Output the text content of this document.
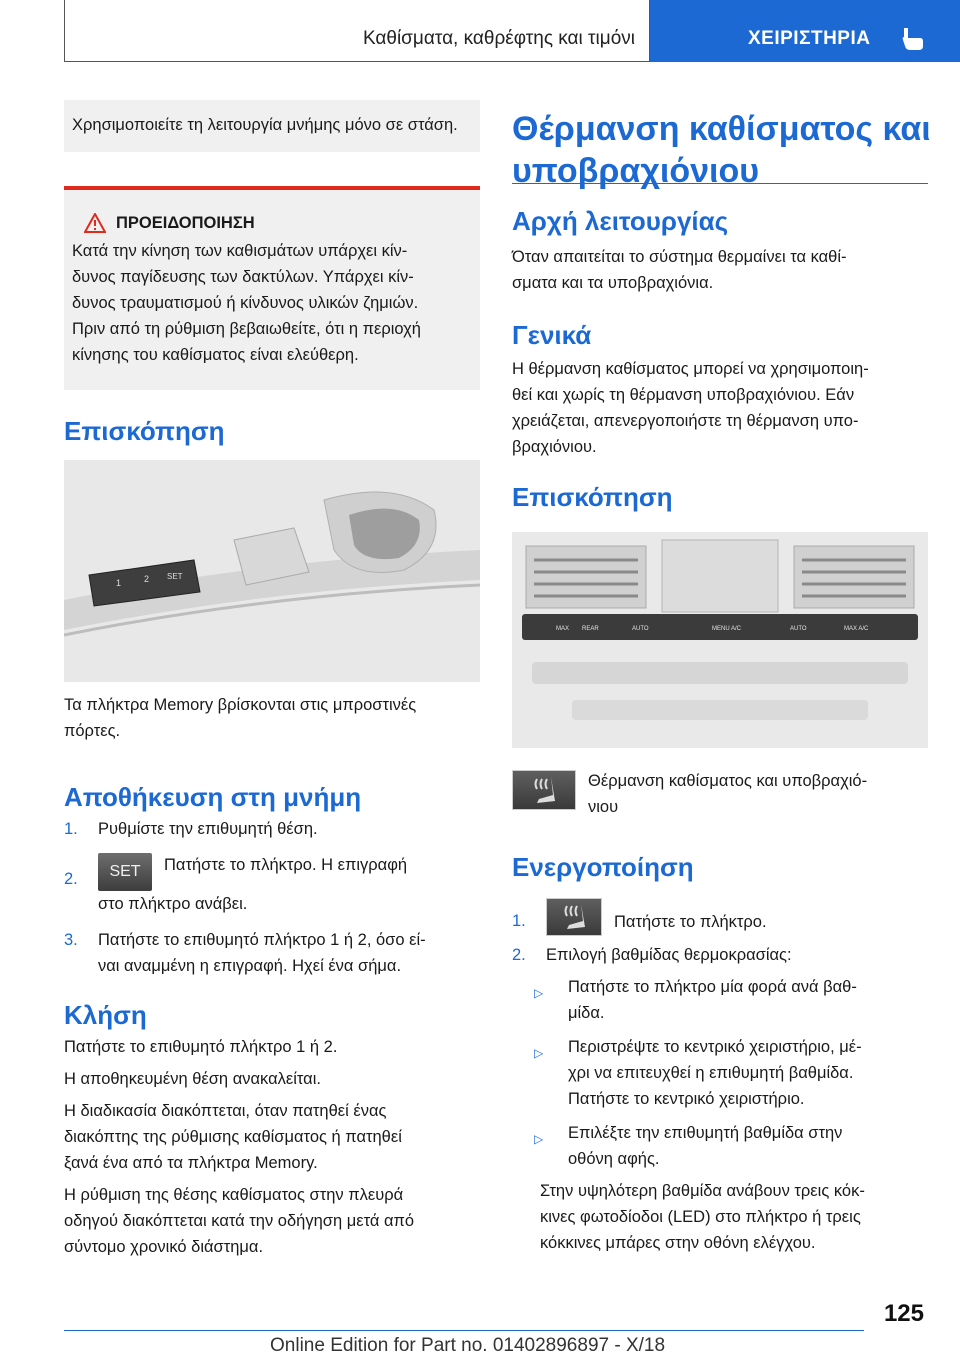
Καθίσματα, καθρέφτης και τιμόνι	ΧΕΙΡΙΣΤΗΡΙΑ
Χρησιμοποιείτε τη λειτουργία μνήμης μόνο σε στάση.
ΠΡΟΕΙΔΟΠΟΙΗΣΗ
Κατά την κίνηση των καθισμάτων υπάρχει κίν-
δυνος παγίδευσης των δακτύλων. Υπάρχει κίν-
δυνος τραυματισμού ή κίνδυνος υλικών ζημιών.
Πριν από τη ρύθμιση βεβαιωθείτε, ότι η περιοχή
κίνησης του καθίσματος είναι ελεύθερη.
Επισκόπηση
1	2 SET
Τα πλήκτρα Memory βρίσκονται στις μπροστινές
πόρτες.
Αποθήκευση στη μνήμη
1.	Ρυθμίστε την επιθυμητή θέση.
2.	SET Πατήστε το πλήκτρο. Η επιγραφή
στο πλήκτρο ανάβει.
3.	Πατήστε το επιθυμητό πλήκτρο 1 ή 2, όσο εί-
ναι αναμμένη η επιγραφή. Ηχεί ένα σήμα.
Κλήση
Πατήστε το επιθυμητό πλήκτρο 1 ή 2.
Η αποθηκευμένη θέση ανακαλείται.
Η διαδικασία διακόπτεται, όταν πατηθεί ένας
διακόπτης της ρύθμισης καθίσματος ή πατηθεί
ξανά ένα από τα πλήκτρα Memory.
Η ρύθμιση της θέσης καθίσματος στην πλευρά
οδηγού διακόπτεται κατά την οδήγηση μετά από
σύντομο χρονικό διάστημα.
Θέρμανση καθίσματος και
υποβραχιόνιου
Αρχή λειτουργίας
Όταν απαιτείται το σύστημα θερμαίνει τα καθί-
σματα και τα υποβραχιόνια.
Γενικά
Η θέρμανση καθίσματος μπορεί να χρησιμοποιη-
θεί και χωρίς τη θέρμανση υποβραχιόνιου. Εάν
χρειάζεται, απενεργοποιήστε τη θέρμανση υπο-
βραχιόνιου.
Επισκόπηση
MAX REAR	AUTO	MENU A/C	AUTO	MAX A/C
Θέρμανση καθίσματος και υποβραχιό-
νιου
Ενεργοποίηση
1.	Πατήστε το πλήκτρο.
2.	Επιλογή βαθμίδας θερμοκρασίας:
▷ Πατήστε το πλήκτρο μία φορά ανά βαθ-
μίδα.
▷ Περιστρέψτε το κεντρικό χειριστήριο, μέ-
χρι να επιτευχθεί η επιθυμητή βαθμίδα.
Πατήστε το κεντρικό χειριστήριο.
▷ Επιλέξτε την επιθυμητή βαθμίδα στην
οθόνη αφής.
Στην υψηλότερη βαθμίδα ανάβουν τρεις κόκ-
κινες φωτοδίοδοι (LED) στο πλήκτρο ή τρεις
κόκκινες μπάρες στην οθόνη ελέγχου.
125
Online Edition for Part no. 01402896897 - X/18
